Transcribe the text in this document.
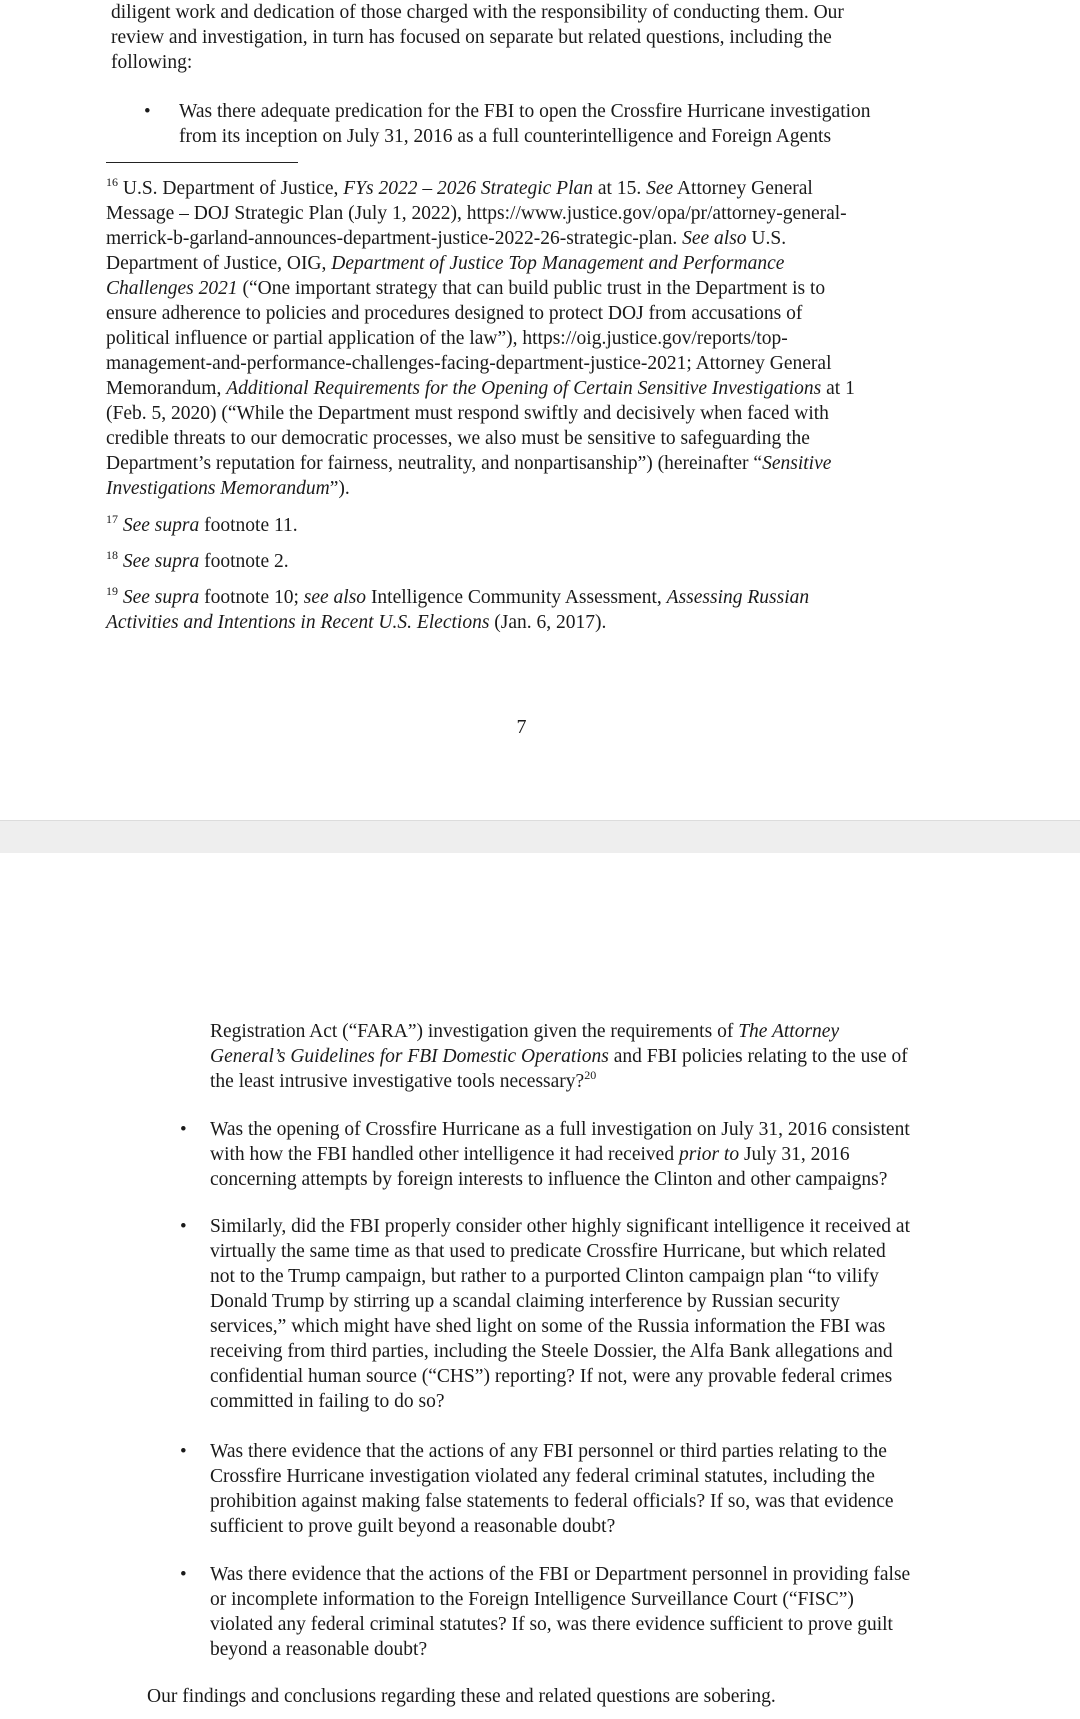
diligent work and dedication of those charged with the responsibility of conducting them. Our
review and investigation, in turn has focused on separate but related questions, including the
following:

• Was there adequate predication for the FBI to open the Crossfire Hurricane investigation
from its inception on July 31, 2016 as a full counterintelligence and Foreign Agents

$^{16}$ U.S. Department of Justice, FYs 2022 – 2026 Strategic Plan at 15. See Attorney General
Message – DOJ Strategic Plan (July 1, 2022), https://www.justice.gov/opa/pr/attorney-general-
merrick-b-garland-announces-department-justice-2022-26-strategic-plan. See also U.S.
Department of Justice, OIG, Department of Justice Top Management and Performance
Challenges 2021 (“One important strategy that can build public trust in the Department is to
ensure adherence to policies and procedures designed to protect DOJ from accusations of
political influence or partial application of the law”), https://oig.justice.gov/reports/top-
management-and-performance-challenges-facing-department-justice-2021; Attorney General
Memorandum, Additional Requirements for the Opening of Certain Sensitive Investigations at 1
(Feb. 5, 2020) (“While the Department must respond swiftly and decisively when faced with
credible threats to our democratic processes, we also must be sensitive to safeguarding the
Department’s reputation for fairness, neutrality, and nonpartisanship”) (hereinafter “Sensitive
Investigations Memorandum”).

$^{17}$ See supra footnote 11.

$^{18}$ See supra footnote 2.

$^{19}$ See supra footnote 10; see also Intelligence Community Assessment, Assessing Russian
Activities and Intentions in Recent U.S. Elections (Jan. 6, 2017).

7

Registration Act (“FARA”) investigation given the requirements of The Attorney
General’s Guidelines for FBI Domestic Operations and FBI policies relating to the use of
the least intrusive investigative tools necessary?$^{20}$

• Was the opening of Crossfire Hurricane as a full investigation on July 31, 2016 consistent
with how the FBI handled other intelligence it had received prior to July 31, 2016
concerning attempts by foreign interests to influence the Clinton and other campaigns?

• Similarly, did the FBI properly consider other highly significant intelligence it received at
virtually the same time as that used to predicate Crossfire Hurricane, but which related
not to the Trump campaign, but rather to a purported Clinton campaign plan “to vilify
Donald Trump by stirring up a scandal claiming interference by Russian security
services,” which might have shed light on some of the Russia information the FBI was
receiving from third parties, including the Steele Dossier, the Alfa Bank allegations and
confidential human source (“CHS”) reporting? If not, were any provable federal crimes
committed in failing to do so?

• Was there evidence that the actions of any FBI personnel or third parties relating to the
Crossfire Hurricane investigation violated any federal criminal statutes, including the
prohibition against making false statements to federal officials? If so, was that evidence
sufficient to prove guilt beyond a reasonable doubt?

• Was there evidence that the actions of the FBI or Department personnel in providing false
or incomplete information to the Foreign Intelligence Surveillance Court (“FISC”)
violated any federal criminal statutes? If so, was there evidence sufficient to prove guilt
beyond a reasonable doubt?

Our findings and conclusions regarding these and related questions are sobering.
